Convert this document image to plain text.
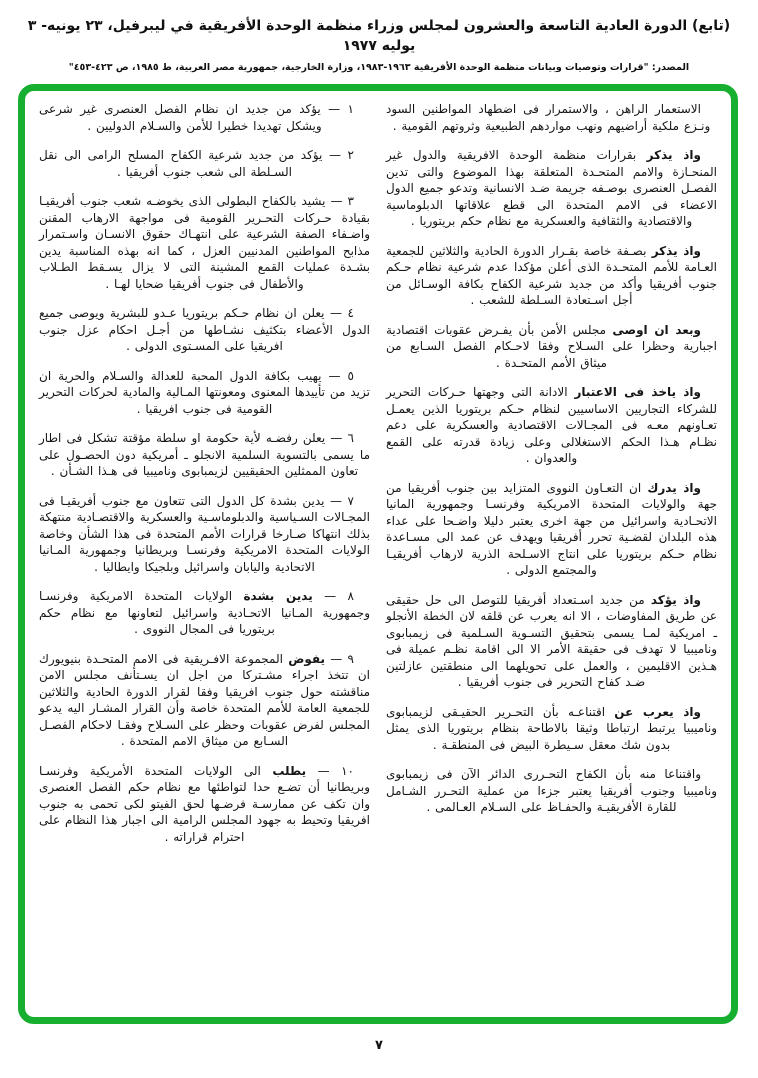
(تابع) الدورة العادية التاسعة والعشرون لمجلس وزراء منظمة الوحدة الأفريقية في ليبرفيل، ٢٣ يونيه- ٣ يوليه ١٩٧٧
المصدر: "قرارات وتوصيات وبيانات منظمة الوحدة الأفريقية ١٩٦٣-١٩٨٣، وزارة الخارجية، جمهورية مصر العربية، ط ١٩٨٥، ص ٤٢٣-٤٥٣"

الاستعمار الراهن ، والاستمرار فى اضطهاد المواطنين السود ونـزع ملكية أراضيهم ونهب مواردهم الطبيعية وثروتهم القومية .

واذ يذكر بقرارات منظمة الوحدة الافريقية والدول غير المنحـازة والامم المتحـدة المتعلقة بهذا الموضوع والتى تدين الفصـل العنصرى بوصـفه جريمة ضـد الانسانية وتدعو جميع الدول الاعضاء فى الامم المتحدة الى قطع علاقاتها الدبلوماسية والاقتصادية والثقافية والعسكرية مع نظام حكم بريتوريا .

واذ يذكر بصـفة خاصة بقـرار الدورة الحادية والثلاثين للجمعية العـامة للأمم المتحـدة الذى أعلن مؤكدا عدم شرعية نظام حـكم جنوب أفريقيا وأكد من جديد شرعية الكفاح بكافة الوسـائل من أجل اسـتعادة السـلطة للشعب .

وبعد ان اوصى مجلس الأمن بأن يفـرض عقوبات اقتصادية اجبارية وحظرا على السـلاح وفقا لاحـكام الفصل السـابع من ميثاق الأمم المتحـدة .

واذ ياخذ فى الاعتبار الادانة التى وجهتها حـركات التحرير للشركاء التجاريين الاساسيين لنظام حـكم بريتوريا الذين يعمـل تعـاونهم معـه فى المجـالات الاقتصادية والعسكرية على دعم نظـام هـذا الحكم الاستغلالى وعلى زيادة قدرته على القمع والعدوان .

واذ يدرك ان التعـاون النووى المتزايد بين جنوب أفريقيا من جهة والولايات المتحدة الامريكية وفرنسـا وجمهورية المانيا الاتحـادية واسرائيل من جهة اخرى يعتبر دليلا واضـحا على عداء هذه البلدان لقضـية تحرر أفريقيا ويهدف عن عمد الى مسـاعدة نظام حـكم بريتوريا على انتاج الاسـلحة الذرية لارهاب أفريقيـا والمجتمع الدولى .

واذ يؤكد من جديد اسـتعداد أفريقيا للتوصل الى حل حقيقى عن طريق المفاوضات ، الا انه يعرب عن قلقه لان الخطة الأنجلو ـ امريكية لمـا يسمى بتحقيق التسـوية السـلمية فى زيمبابوى وناميبيا لا تهدف فى حقيقة الأمر الا الى اقامة نظـم عميلة فى هـذين الاقليمين ، والعمل على تحويلهما الى منطقتين عازلتين ضـد كفاح التحرير فى جنوب أفريقيا .

واذ يعرب عن اقتناعـه بأن التحـرير الحقيـقى لزيمبابوى وناميبيا يرتبط ارتباطا وثيقا بالاطاحة بنظام بريتوريا الذى يمثل بدون شك معقل سـيطرة البيض فى المنطقـة .

واقتناعا منه بأن الكفاح التحـررى الدائر الآن فى زيمبابوى وناميبيا وجنوب أفريقيا يعتبر جزءا من عملية التحـرر الشـامل للقارة الأفريقيـة والحفـاظ على السـلام العـالمى .

١ — يؤكد من جديد ان نظام الفصل العنصرى غير شرعى ويشكل تهديدا خطيرا للأمن والسـلام الدوليين .

٢ — يؤكد من جديد شرعية الكفاح المسلح الرامى الى نقل السـلطة الى شعب جنوب أفريقيا .

٣ — يشيد بالكفاح البطولى الذى يخوضـه شعب جنوب أفريقيـا بقيادة حـركات التحـرير القومية فى مواجهة الارهاب المقنن واضـفاء الصفة الشرعية على انتهـاك حقوق الانسـان واسـتمرار مذابح المواطنين المدنيين العزل ، كما انه بهذه المناسبة يدين بشـدة عمليات القمع المشينة التى لا يزال يسـقط الطـلاب والأطفال فى جنوب أفريقيا ضحايا لهـا .

٤ — يعلن ان نظام حـكم بريتوريا عـدو للبشرية ويوصى جميع الدول الأعضاء بتكثيف نشـاطها من أجـل احكام عزل جنوب افريقيا على المسـتوى الدولى .

٥ — يهيب بكافة الدول المحبة للعدالة والسـلام والحرية ان تزيد من تأييدها المعنوى ومعونتها المـالية والمادية لحركات التحرير القومية فى جنوب افريقيا .

٦ — يعلن رفضـه لأية حكومة او سلطة مؤقتة تشكل فى اطار ما يسمى بالتسوية السلمية الانجلو ـ أمريكية دون الحصـول على تعاون الممثلين الحقيقيين لزيمبابوى وناميبيا فى هـذا الشـأن .

٧ — يدين بشدة كل الدول التى تتعاون مع جنوب أفريقيـا فى المجـالات السـياسية والدبلوماسـية والعسكرية والاقتصـادية منتهكة بذلك انتهاكا صـارخا قرارات الأمم المتحدة فى هذا الشأن وخاصة الولايات المتحدة الامريكية وفرنسـا وبريطانيا وجمهورية المـانيا الاتحادية واليابان واسرائيل وبلجيكا وايطاليا .

٨ — يدين بشدة الولايات المتحدة الامريكية وفرنسـا وجمهورية المـانيا الاتحـادية واسرائيل لتعاونها مع نظام حكم بريتوريا فى المجال النووى .

٩ — يفوض المجموعة الافـريقية فى الامم المتحـدة بنيويورك ان تتخذ اجراء مشـتركا من اجل ان يسـتأنف مجلس الامن مناقشته حول جنوب افريقيا وفقا لقرار الدورة الحادية والثلاثين للجمعية العامة للأمم المتحدة خاصة وأن القرار المشـار اليه يدعو المجلس لفرض عقوبات وحظر على السـلاح وفقـا لاحكام الفصـل السـابع من ميثاق الامم المتحدة .

١٠ — يطلب الى الولايات المتحدة الأمريكية وفرنسـا وبريطانيا أن تضـع حدا لتواطئها مع نظام حكم الفصل العنصرى وان تكف عن ممارسـة فرضـها لحق الفيتو لكى تحمى به جنوب افريقيا وتحيط به جهود المجلس الرامية الى اجبار هذا النظام على احترام قراراته .

٧
